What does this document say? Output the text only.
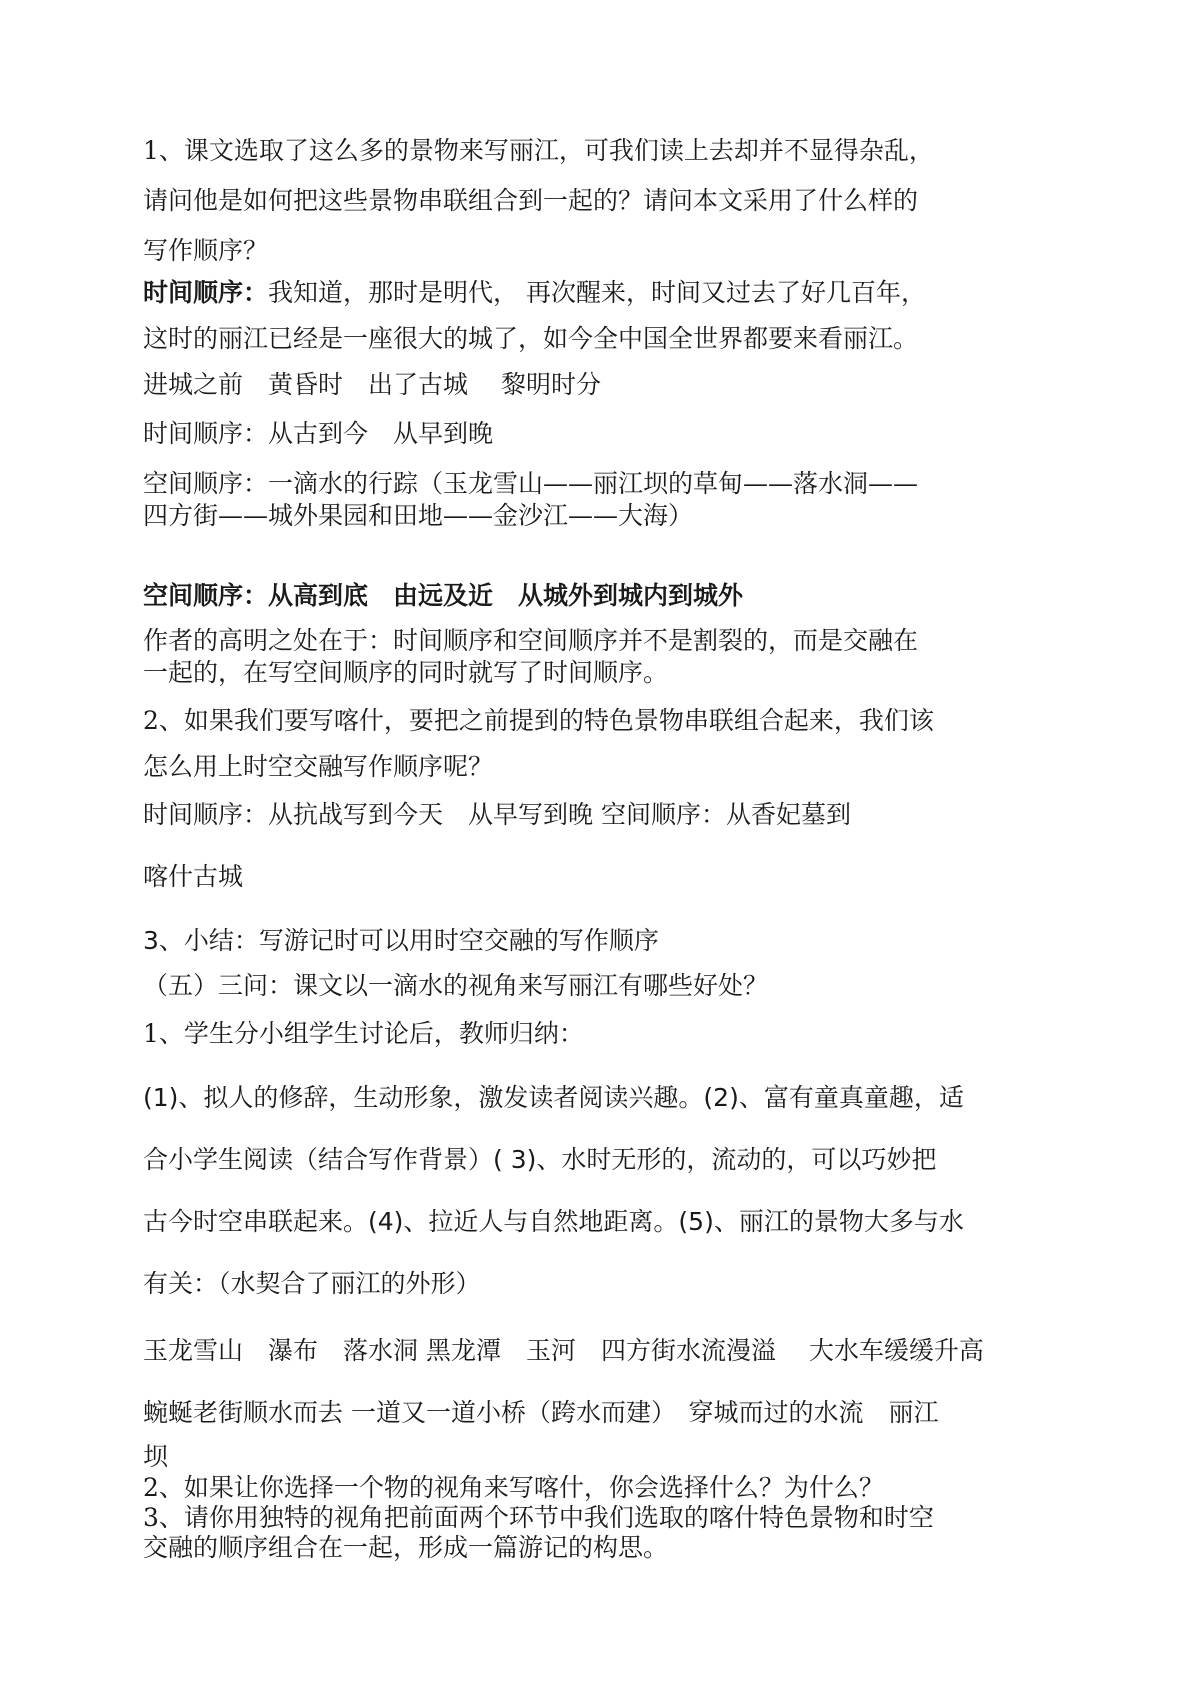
1、课文选取了这么多的景物来写丽江，可我们读上去却并不显得杂乱，
请问他是如何把这些景物串联组合到一起的？请问本文采用了什么样的
写作顺序？
时间顺序：我知道，那时是明代， 再次醒来，时间又过去了好几百年，
这时的丽江已经是一座很大的城了，如今全中国全世界都要来看丽江。
进城之前　黄昏时　出了古城　 黎明时分
时间顺序：从古到今　从早到晚
空间顺序：一滴水的行踪（玉龙雪山——丽江坝的草甸——落水洞——
四方街——城外果园和田地——金沙江——大海）
空间顺序：从高到底　由远及近　从城外到城内到城外
作者的高明之处在于：时间顺序和空间顺序并不是割裂的，而是交融在
一起的，在写空间顺序的同时就写了时间顺序。
2、如果我们要写喀什，要把之前提到的特色景物串联组合起来，我们该
怎么用上时空交融写作顺序呢？
时间顺序：从抗战写到今天　从早写到晚 空间顺序：从香妃墓到
喀什古城
3、小结：写游记时可以用时空交融的写作顺序
（五）三问：课文以一滴水的视角来写丽江有哪些好处？
1、学生分小组学生讨论后，教师归纳：
(1)、拟人的修辞，生动形象，激发读者阅读兴趣。(2)、富有童真童趣，适
合小学生阅读（结合写作背景）( 3)、水时无形的，流动的，可以巧妙把
古今时空串联起来。(4)、拉近人与自然地距离。(5)、丽江的景物大多与水
有关：（水契合了丽江的外形）
玉龙雪山　瀑布　落水洞 黑龙潭　玉河　四方街水流漫溢　 大水车缓缓升高
蜿蜒老街顺水而去 一道又一道小桥（跨水而建）　穿城而过的水流　丽江
坝
2、如果让你选择一个物的视角来写喀什，你会选择什么？为什么？
3、请你用独特的视角把前面两个环节中我们选取的喀什特色景物和时空
交融的顺序组合在一起，形成一篇游记的构思。
